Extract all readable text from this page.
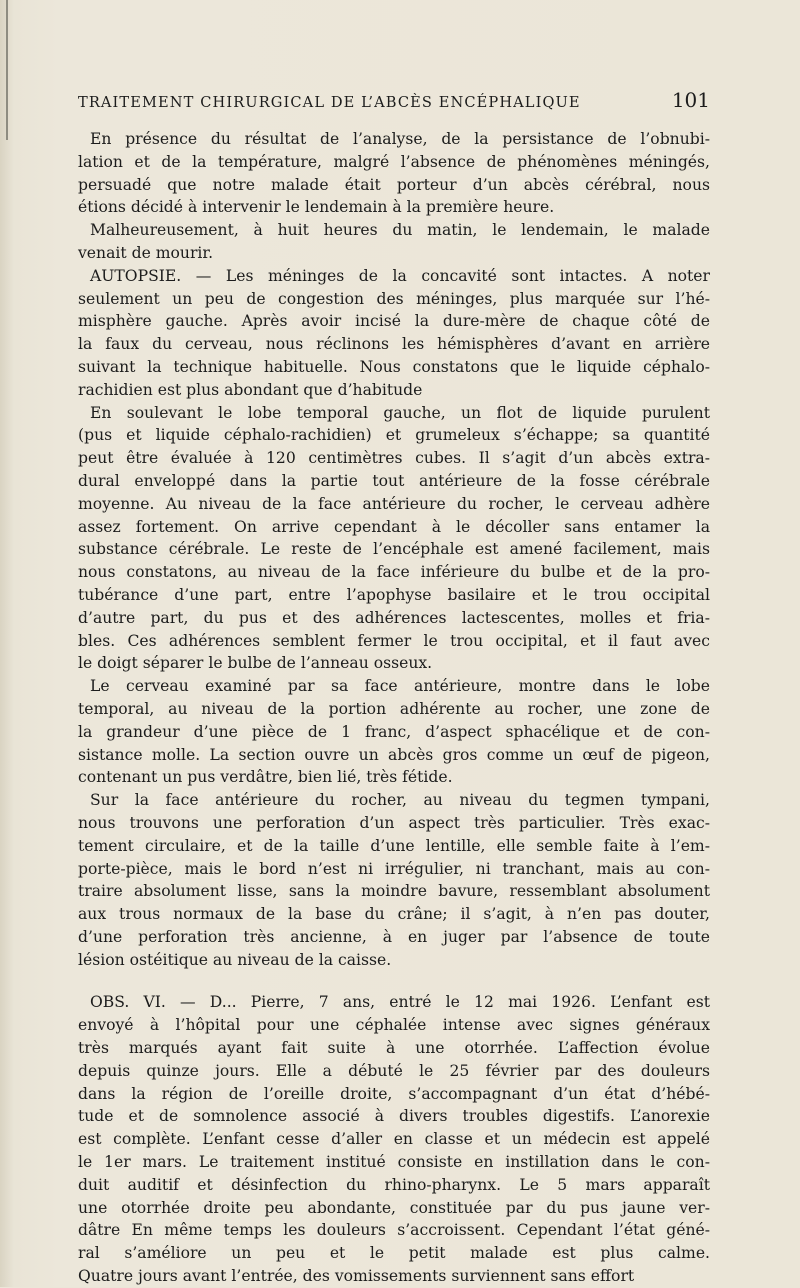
TRAITEMENT CHIRURGICAL DE L’ABCÈS ENCÉPHALIQUE	101

En présence du résultat de l’analyse, de la persistance de l’obnubi-
lation et de la température, malgré l’absence de phénomènes méningés,
persuadé que notre malade était porteur d’un abcès cérébral, nous
étions décidé à intervenir le lendemain à la première heure.

Malheureusement, à huit heures du matin, le lendemain, le malade
venait de mourir.

AUTOPSIE. — Les méninges de la concavité sont intactes. A noter
seulement un peu de congestion des méninges, plus marquée sur l’hé-
misphère gauche. Après avoir incisé la dure-mère de chaque côté de
la faux du cerveau, nous réclinons les hémisphères d’avant en arrière
suivant la technique habituelle. Nous constatons que le liquide céphalo-
rachidien est plus abondant que d’habitude

En soulevant le lobe temporal gauche, un flot de liquide purulent
(pus et liquide céphalo-rachidien) et grumeleux s’échappe; sa quantité
peut être évaluée à 120 centimètres cubes. Il s’agit d’un abcès extra-
dural enveloppé dans la partie tout antérieure de la fosse cérébrale
moyenne. Au niveau de la face antérieure du rocher, le cerveau adhère
assez fortement. On arrive cependant à le décoller sans entamer la
substance cérébrale. Le reste de l’encéphale est amené facilement, mais
nous constatons, au niveau de la face inférieure du bulbe et de la pro-
tubérance d’une part, entre l’apophyse basilaire et le trou occipital
d’autre part, du pus et des adhérences lactescentes, molles et fria-
bles. Ces adhérences semblent fermer le trou occipital, et il faut avec
le doigt séparer le bulbe de l’anneau osseux.

Le cerveau examiné par sa face antérieure, montre dans le lobe
temporal, au niveau de la portion adhérente au rocher, une zone de
la grandeur d’une pièce de 1 franc, d’aspect sphacélique et de con-
sistance molle. La section ouvre un abcès gros comme un œuf de pigeon,
contenant un pus verdâtre, bien lié, très fétide.

Sur la face antérieure du rocher, au niveau du tegmen tympani,
nous trouvons une perforation d’un aspect très particulier. Très exac-
tement circulaire, et de la taille d’une lentille, elle semble faite à l’em-
porte-pièce, mais le bord n’est ni irrégulier, ni tranchant, mais au con-
traire absolument lisse, sans la moindre bavure, ressemblant absolument
aux trous normaux de la base du crâne; il s’agit, à n’en pas douter,
d’une perforation très ancienne, à en juger par l’absence de toute
lésion ostéitique au niveau de la caisse.

OBS. VI. — D... Pierre, 7 ans, entré le 12 mai 1926. L’enfant est
envoyé à l’hôpital pour une céphalée intense avec signes généraux
très marqués ayant fait suite à une otorrhée. L’affection évolue
depuis quinze jours. Elle a débuté le 25 février par des douleurs
dans la région de l’oreille droite, s’accompagnant d’un état d’hébé-
tude et de somnolence associé à divers troubles digestifs. L’anorexie
est complète. L’enfant cesse d’aller en classe et un médecin est appelé
le 1er mars. Le traitement institué consiste en instillation dans le con-
duit auditif et désinfection du rhino-pharynx. Le 5 mars apparaît
une otorrhée droite peu abondante, constituée par du pus jaune ver-
dâtre En même temps les douleurs s’accroissent. Cependant l’état géné-
ral s’améliore un peu et le petit malade est plus calme.
Quatre jours avant l’entrée, des vomissements surviennent sans effort
